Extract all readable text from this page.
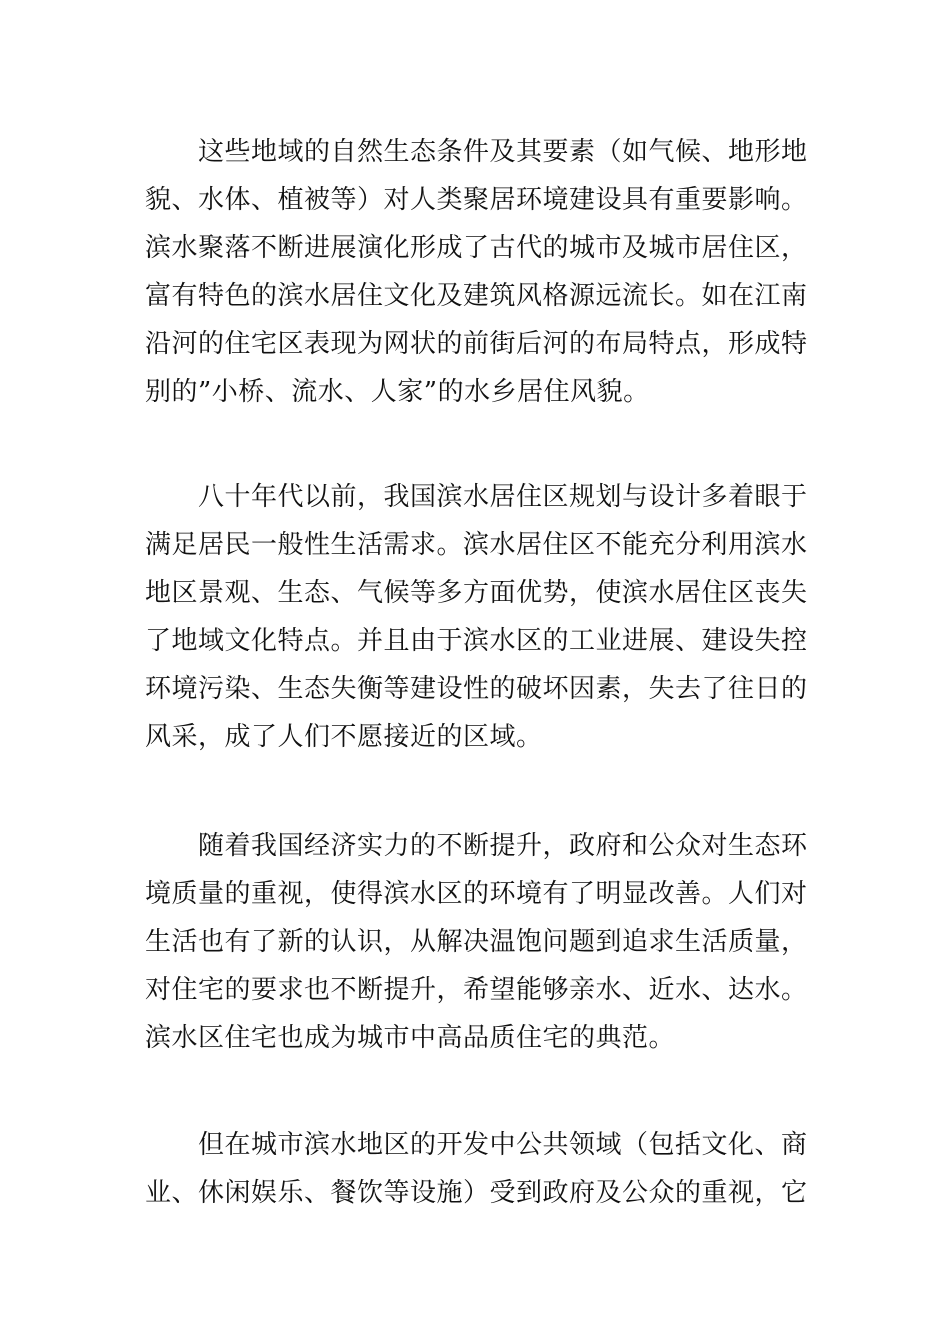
这些地域的自然生态条件及其要素（如气候、地形地
貌、水体、植被等）对人类聚居环境建设具有重要影响。
滨水聚落不断进展演化形成了古代的城市及城市居住区，
富有特色的滨水居住文化及建筑风格源远流长。如在江南
沿河的住宅区表现为网状的前街后河的布局特点，形成特
别的”小桥、流水、人家”的水乡居住风貌。
八十年代以前，我国滨水居住区规划与设计多着眼于
满足居民一般性生活需求。滨水居住区不能充分利用滨水
地区景观、生态、气候等多方面优势，使滨水居住区丧失
了地域文化特点。并且由于滨水区的工业进展、建设失控
环境污染、生态失衡等建设性的破坏因素，失去了往日的
风采，成了人们不愿接近的区域。
随着我国经济实力的不断提升，政府和公众对生态环
境质量的重视，使得滨水区的环境有了明显改善。人们对
生活也有了新的认识，从解决温饱问题到追求生活质量，
对住宅的要求也不断提升，希望能够亲水、近水、达水。
滨水区住宅也成为城市中高品质住宅的典范。
但在城市滨水地区的开发中公共领域（包括文化、商
业、休闲娱乐、餐饮等设施）受到政府及公众的重视，它
